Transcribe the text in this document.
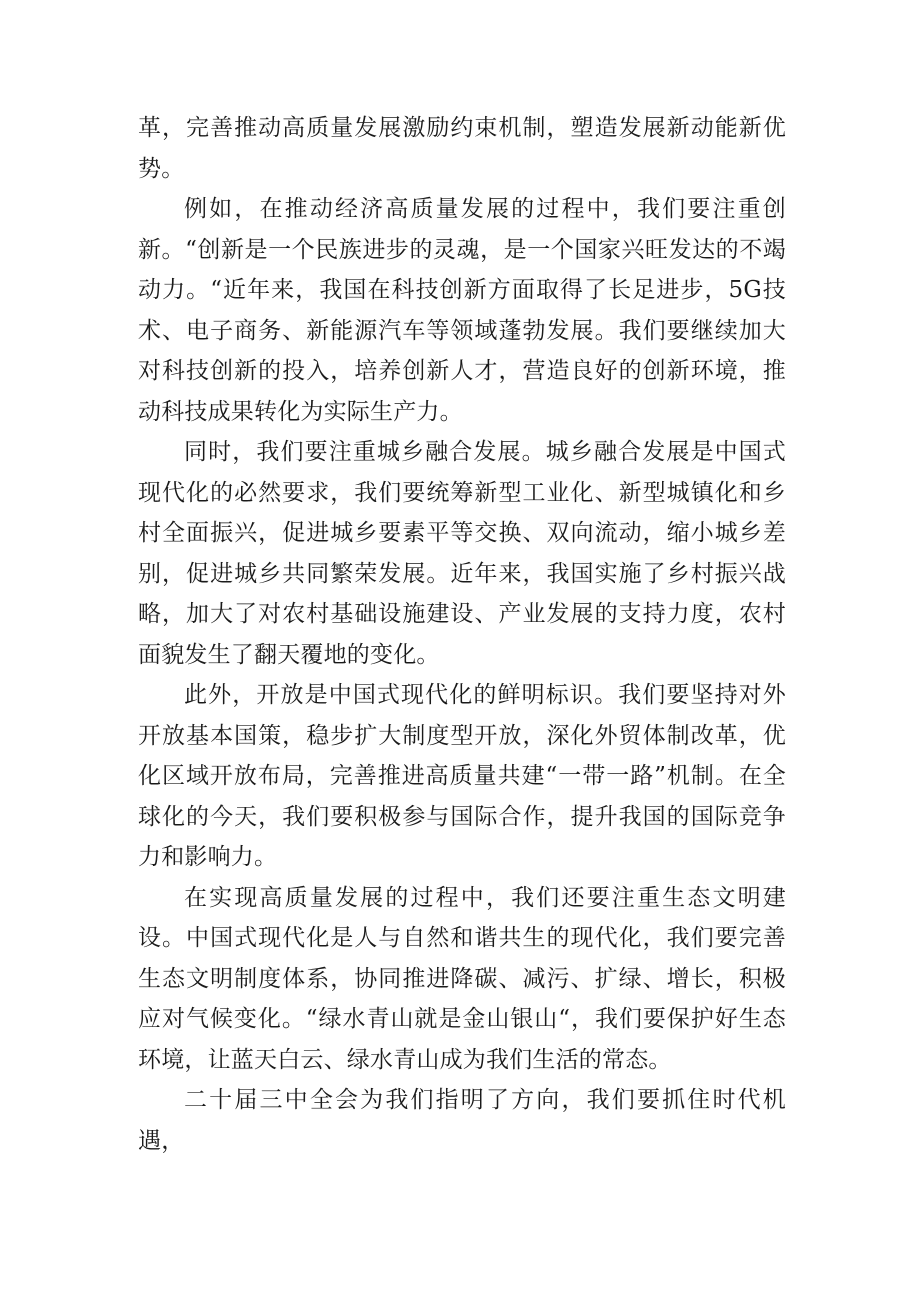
革，完善推动高质量发展激励约束机制，塑造发展新动能新优势。

例如，在推动经济高质量发展的过程中，我们要注重创新。“创新是一个民族进步的灵魂，是一个国家兴旺发达的不竭动力。“近年来，我国在科技创新方面取得了长足进步，5G技术、电子商务、新能源汽车等领域蓬勃发展。我们要继续加大对科技创新的投入，培养创新人才，营造良好的创新环境，推动科技成果转化为实际生产力。

同时，我们要注重城乡融合发展。城乡融合发展是中国式现代化的必然要求，我们要统筹新型工业化、新型城镇化和乡村全面振兴，促进城乡要素平等交换、双向流动，缩小城乡差别，促进城乡共同繁荣发展。近年来，我国实施了乡村振兴战略，加大了对农村基础设施建设、产业发展的支持力度，农村面貌发生了翻天覆地的变化。

此外，开放是中国式现代化的鲜明标识。我们要坚持对外开放基本国策，稳步扩大制度型开放，深化外贸体制改革，优化区域开放布局，完善推进高质量共建“一带一路”机制。在全球化的今天，我们要积极参与国际合作，提升我国的国际竞争力和影响力。

在实现高质量发展的过程中，我们还要注重生态文明建设。中国式现代化是人与自然和谐共生的现代化，我们要完善生态文明制度体系，协同推进降碳、减污、扩绿、增长，积极应对气候变化。“绿水青山就是金山银山“，我们要保护好生态环境，让蓝天白云、绿水青山成为我们生活的常态。

二十届三中全会为我们指明了方向，我们要抓住时代机遇，
